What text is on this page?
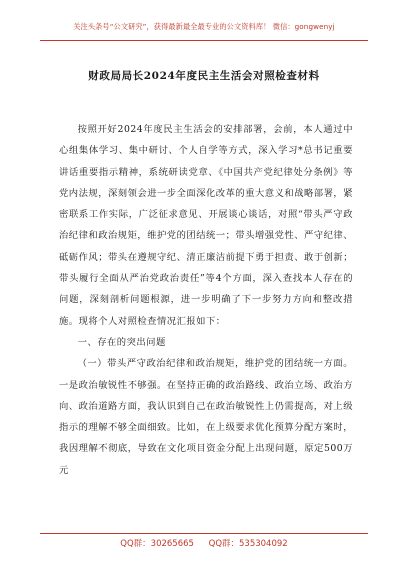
关注头条号“公文研究”，获得最新最全最专业的公文资料库！ 微信：gongwenyj
财政局局长2024年度民主生活会对照检查材料

按照开好2024年度民主生活会的安排部署，会前，本人通过中心组集体学习、集中研讨、个人自学等方式，深入学习*总书记重要讲话重要指示精神，系统研读党章、《中国共产党纪律处分条例》等党内法规，深刻领会进一步全面深化改革的重大意义和战略部署，紧密联系工作实际，广泛征求意见、开展谈心谈话，对照“带头严守政治纪律和政治规矩，维护党的团结统一；带头增强党性、严守纪律、砥砺作风；带头在遵规守纪、清正廉洁前提下勇于担责、敢于创新；带头履行全面从严治党政治责任”等4个方面，深入查找本人存在的问题，深刻剖析问题根源，进一步明确了下一步努力方向和整改措施。现将个人对照检查情况汇报如下：

一、存在的突出问题

（一）带头严守政治纪律和政治规矩，维护党的团结统一方面。一是政治敏锐性不够强。在坚持正确的政治路线、政治立场、政治方向、政治道路方面，我认识到自己在政治敏锐性上仍需提高，对上级指示的理解不够全面细致。比如，在上级要求优化预算分配方案时，我因理解不彻底，导致在文化项目资金分配上出现问题，原定500万元

QQ群：30265665 QQ群：535304092
